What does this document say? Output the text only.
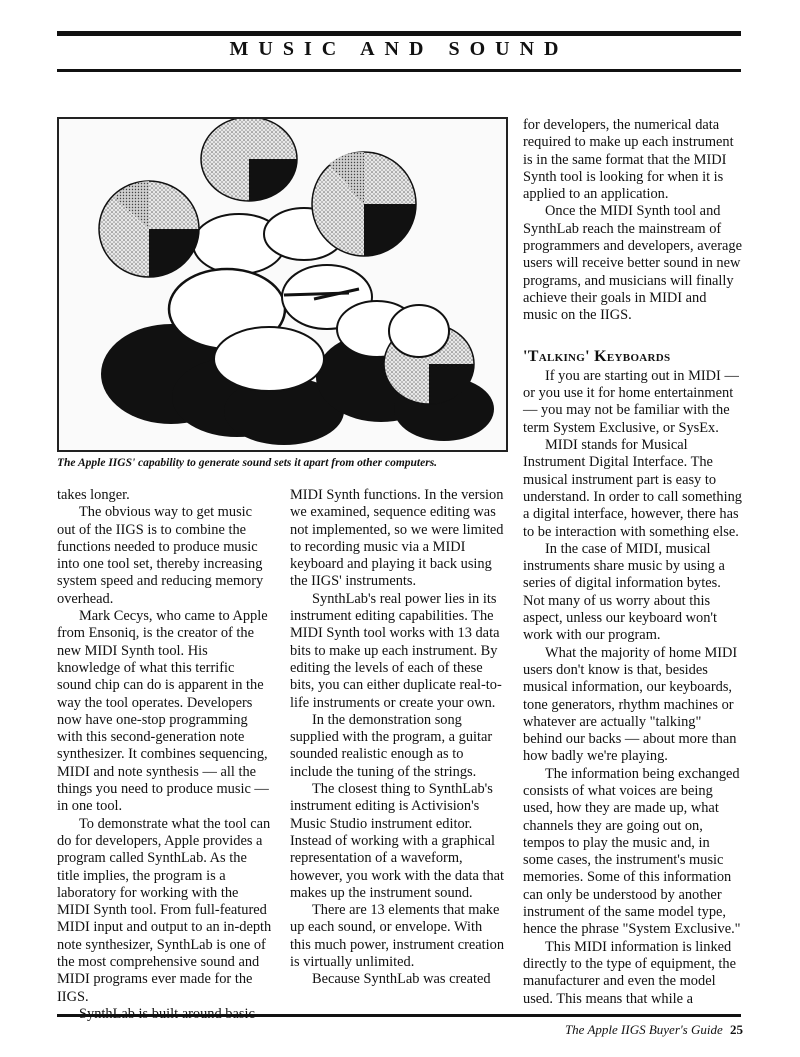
MUSIC AND SOUND
The Apple IIGS' capability to generate sound sets it apart from other computers.

takes longer.

The obvious way to get music out of the IIGS is to combine the functions needed to produce music into one tool set, thereby increasing system speed and reducing memory overhead.

Mark Cecys, who came to Apple from Ensoniq, is the creator of the new MIDI Synth tool. His knowledge of what this terrific sound chip can do is apparent in the way the tool operates. Developers now have one-stop programming with this second-generation note synthesizer. It combines sequencing, MIDI and note synthesis — all the things you need to produce music — in one tool.

To demonstrate what the tool can do for developers, Apple provides a program called SynthLab. As the title implies, the program is a laboratory for working with the MIDI Synth tool. From full-featured MIDI input and output to an in-depth note synthesizer, SynthLab is one of the most comprehensive sound and MIDI programs ever made for the IIGS.

MIDI Synth functions. In the version we examined, sequence editing was not implemented, so we were limited to recording music via a MIDI keyboard and playing it back using the IIGS' instruments.

SynthLab's real power lies in its instrument editing capabilities. The MIDI Synth tool works with 13 data bits to make up each instrument. By editing the levels of each of these bits, you can either duplicate real-to-life instruments or create your own.

In the demonstration song supplied with the program, a guitar sounded realistic enough as to include the tuning of the strings.

The closest thing to SynthLab's instrument editing is Activision's Music Studio instrument editor. Instead of working with a graphical representation of a waveform, however, you work with the data that makes up the instrument sound.

There are 13 elements that make up each sound, or envelope. With this much power, instrument creation is virtually unlimited.

Because SynthLab was created

for developers, the numerical data required to make up each instrument is in the same format that the MIDI Synth tool is looking for when it is applied to an application.

Once the MIDI Synth tool and SynthLab reach the mainstream of programmers and developers, average users will receive better sound in new programs, and musicians will finally achieve their goals in MIDI and music on the IIGS.

'Talking' Keyboards

If you are starting out in MIDI — or you use it for home entertainment — you may not be familiar with the term System Exclusive, or SysEx.

MIDI stands for Musical Instrument Digital Interface. The musical instrument part is easy to understand. In order to call something a digital interface, however, there has to be interaction with something else.

In the case of MIDI, musical instruments share music by using a series of digital information bytes. Not many of us worry about this aspect, unless our keyboard won't work with our program.

What the majority of home MIDI users don't know is that, besides musical information, our keyboards, tone generators, rhythm machines or whatever are actually "talking" behind our backs — about more than how badly we're playing.

The information being exchanged consists of what voices are being used, how they are made up, what channels they are going out on, tempos to play the music and, in some cases, the instrument's music memories. Some of this information can only be understood by another instrument of the same model type, hence the phrase "System Exclusive."

This MIDI information is linked directly to the type of equipment, the manufacturer and even the model used. This means that while a

The Apple IIGS Buyer's Guide 25
